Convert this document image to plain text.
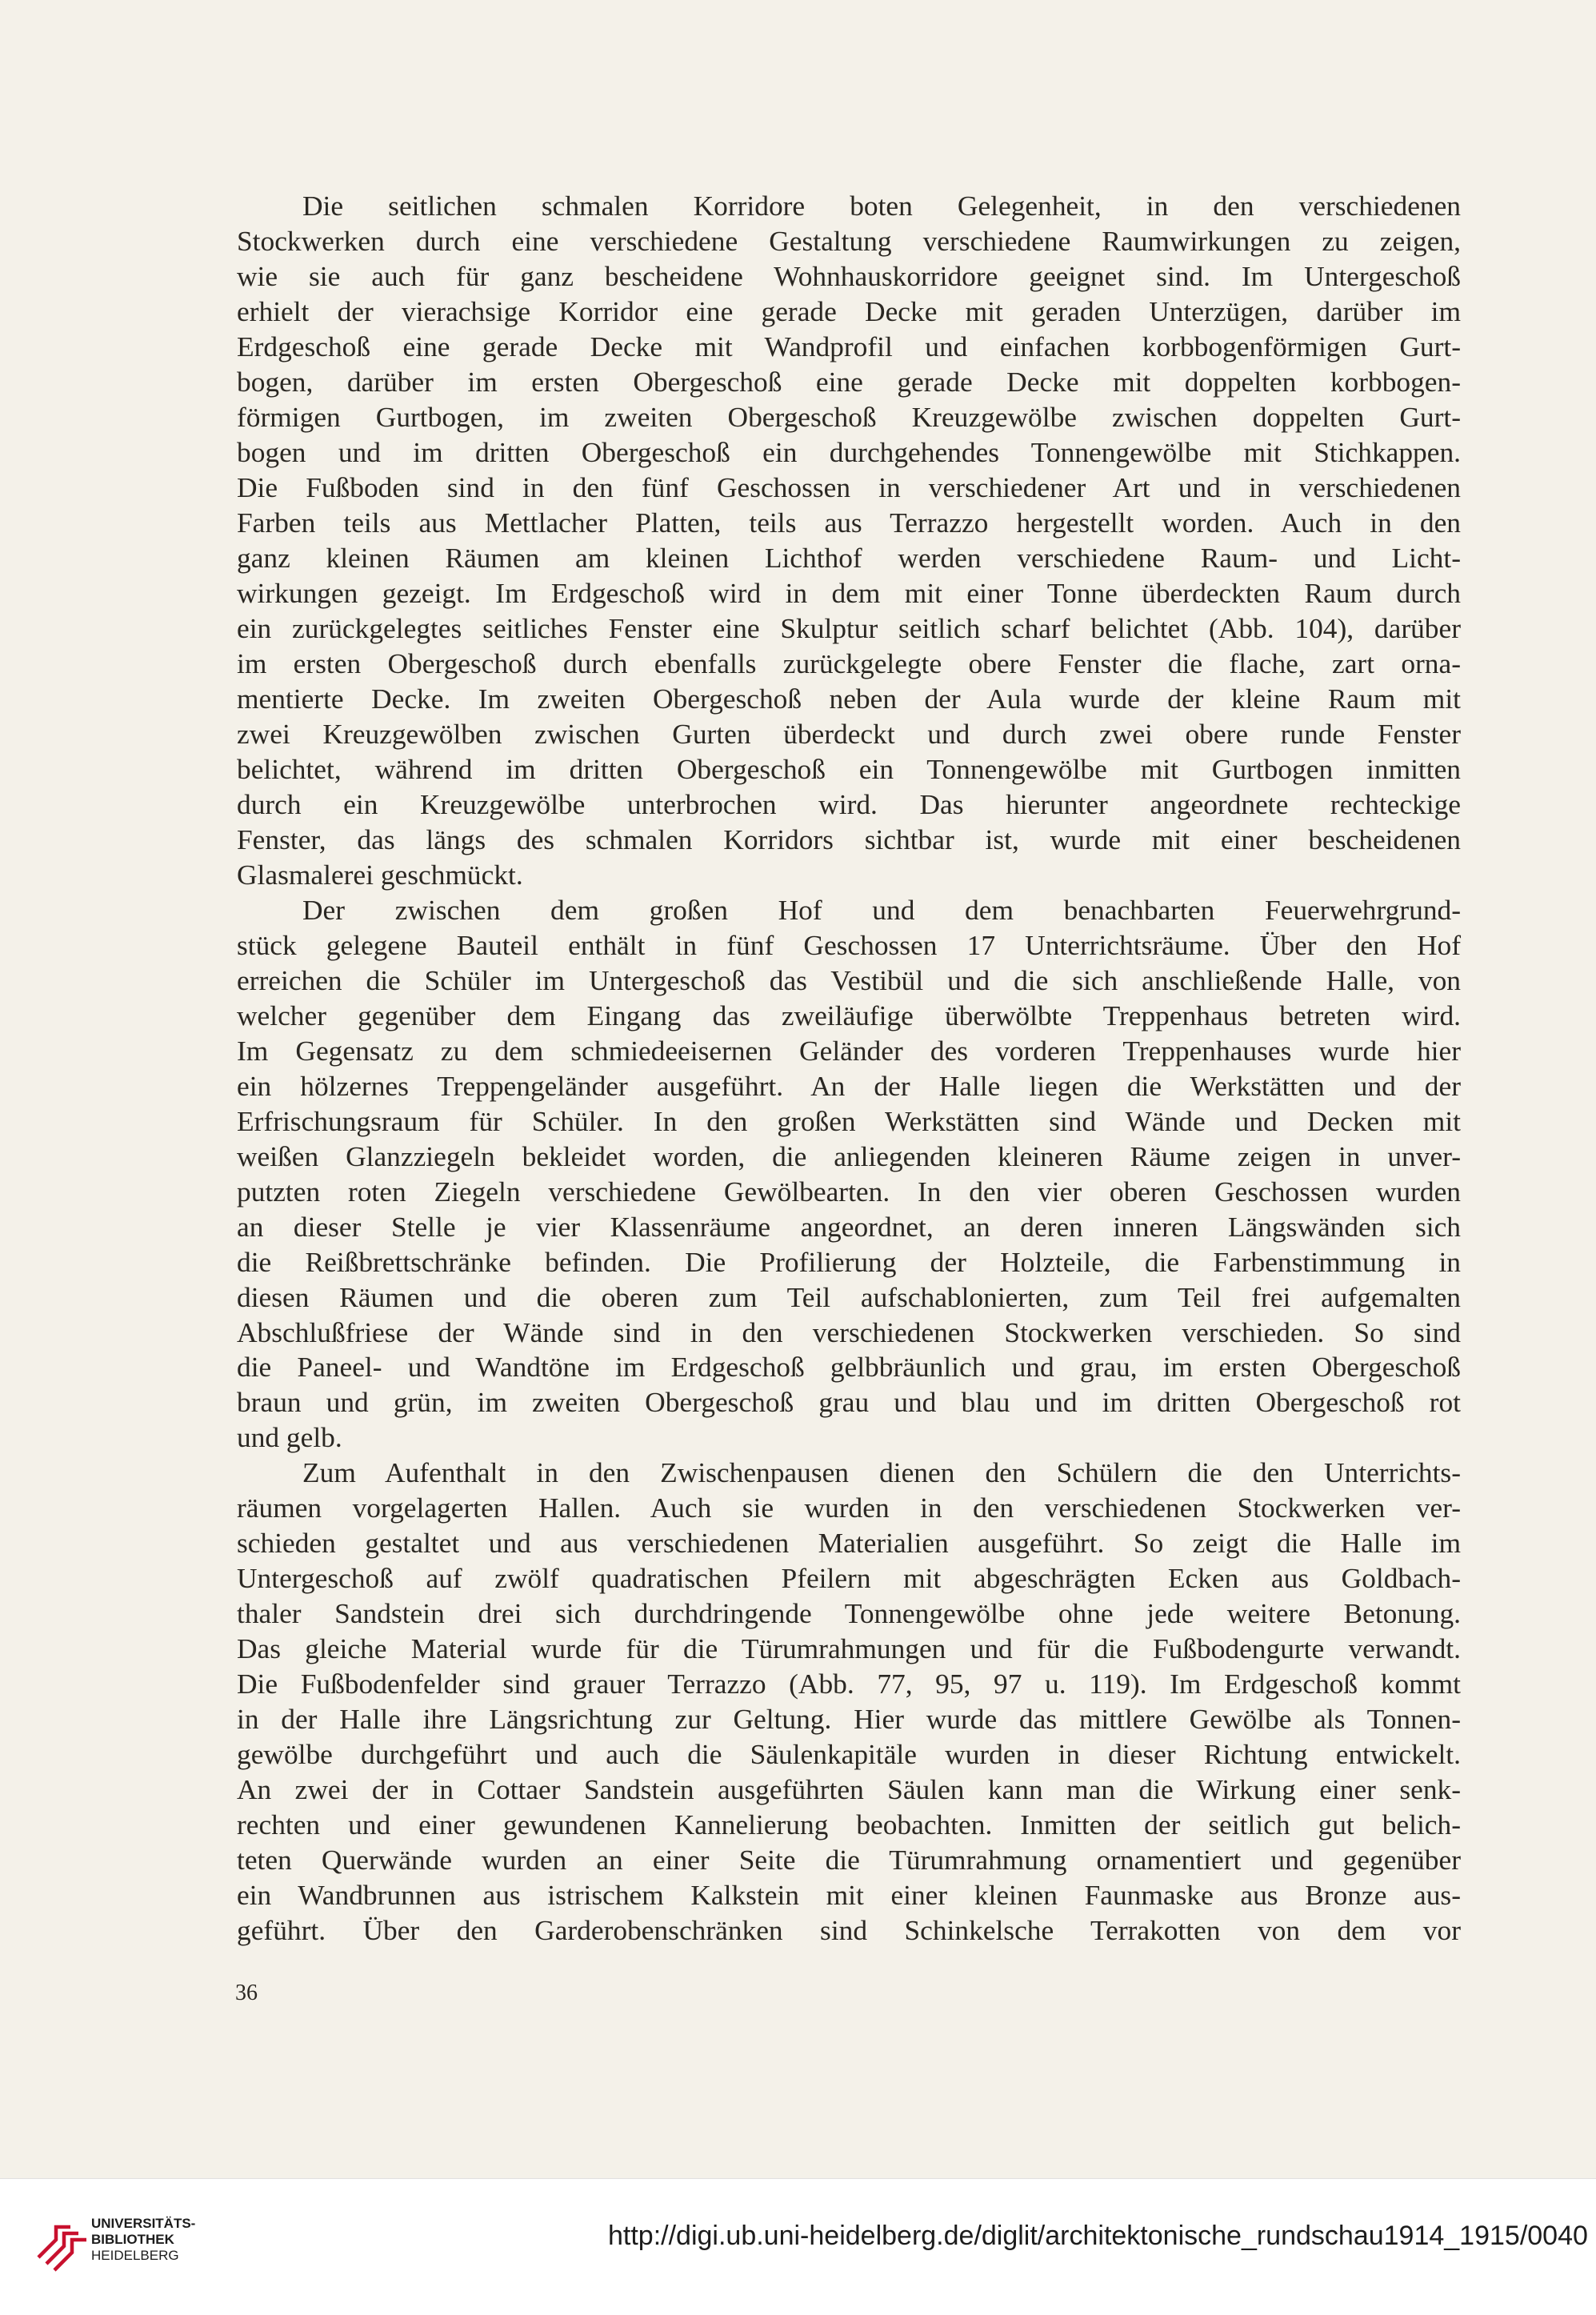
Die seitlichen schmalen Korridore boten Gelegenheit, in den verschiedenen
Stockwerken durch eine verschiedene Gestaltung verschiedene Raumwirkungen zu zeigen,
wie sie auch für ganz bescheidene Wohnhauskorridore geeignet sind. Im Untergeschoß
erhielt der vierachsige Korridor eine gerade Decke mit geraden Unterzügen, darüber im
Erdgeschoß eine gerade Decke mit Wandprofil und einfachen korbbogenförmigen Gurt-
bogen, darüber im ersten Obergeschoß eine gerade Decke mit doppelten korbbogen-
förmigen Gurtbogen, im zweiten Obergeschoß Kreuzgewölbe zwischen doppelten Gurt-
bogen und im dritten Obergeschoß ein durchgehendes Tonnengewölbe mit Stichkappen.
Die Fußboden sind in den fünf Geschossen in verschiedener Art und in verschiedenen
Farben teils aus Mettlacher Platten, teils aus Terrazzo hergestellt worden. Auch in den
ganz kleinen Räumen am kleinen Lichthof werden verschiedene Raum- und Licht-
wirkungen gezeigt. Im Erdgeschoß wird in dem mit einer Tonne überdeckten Raum durch
ein zurückgelegtes seitliches Fenster eine Skulptur seitlich scharf belichtet (Abb. 104), darüber
im ersten Obergeschoß durch ebenfalls zurückgelegte obere Fenster die flache, zart orna-
mentierte Decke. Im zweiten Obergeschoß neben der Aula wurde der kleine Raum mit
zwei Kreuzgewölben zwischen Gurten überdeckt und durch zwei obere runde Fenster
belichtet, während im dritten Obergeschoß ein Tonnengewölbe mit Gurtbogen inmitten
durch ein Kreuzgewölbe unterbrochen wird. Das hierunter angeordnete rechteckige
Fenster, das längs des schmalen Korridors sichtbar ist, wurde mit einer bescheidenen
Glasmalerei geschmückt.
Der zwischen dem großen Hof und dem benachbarten Feuerwehrgrund-
stück gelegene Bauteil enthält in fünf Geschossen 17 Unterrichtsräume. Über den Hof
erreichen die Schüler im Untergeschoß das Vestibül und die sich anschließende Halle, von
welcher gegenüber dem Eingang das zweiläufige überwölbte Treppenhaus betreten wird.
Im Gegensatz zu dem schmiedeeisernen Geländer des vorderen Treppenhauses wurde hier
ein hölzernes Treppengeländer ausgeführt. An der Halle liegen die Werkstätten und der
Erfrischungsraum für Schüler. In den großen Werkstätten sind Wände und Decken mit
weißen Glanzziegeln bekleidet worden, die anliegenden kleineren Räume zeigen in unver-
putzten roten Ziegeln verschiedene Gewölbearten. In den vier oberen Geschossen wurden
an dieser Stelle je vier Klassenräume angeordnet, an deren inneren Längswänden sich
die Reißbrettschränke befinden. Die Profilierung der Holzteile, die Farbenstimmung in
diesen Räumen und die oberen zum Teil aufschablonierten, zum Teil frei aufgemalten
Abschlußfriese der Wände sind in den verschiedenen Stockwerken verschieden. So sind
die Paneel- und Wandtöne im Erdgeschoß gelbbräunlich und grau, im ersten Obergeschoß
braun und grün, im zweiten Obergeschoß grau und blau und im dritten Obergeschoß rot
und gelb.
Zum Aufenthalt in den Zwischenpausen dienen den Schülern die den Unterrichts-
räumen vorgelagerten Hallen. Auch sie wurden in den verschiedenen Stockwerken ver-
schieden gestaltet und aus verschiedenen Materialien ausgeführt. So zeigt die Halle im
Untergeschoß auf zwölf quadratischen Pfeilern mit abgeschrägten Ecken aus Goldbach-
thaler Sandstein drei sich durchdringende Tonnengewölbe ohne jede weitere Betonung.
Das gleiche Material wurde für die Türumrahmungen und für die Fußbodengurte verwandt.
Die Fußbodenfelder sind grauer Terrazzo (Abb. 77, 95, 97 u. 119). Im Erdgeschoß kommt
in der Halle ihre Längsrichtung zur Geltung. Hier wurde das mittlere Gewölbe als Tonnen-
gewölbe durchgeführt und auch die Säulenkapitäle wurden in dieser Richtung entwickelt.
An zwei der in Cottaer Sandstein ausgeführten Säulen kann man die Wirkung einer senk-
rechten und einer gewundenen Kannelierung beobachten. Inmitten der seitlich gut belich-
teten Querwände wurden an einer Seite die Türumrahmung ornamentiert und gegenüber
ein Wandbrunnen aus istrischem Kalkstein mit einer kleinen Faunmaske aus Bronze aus-
geführt. Über den Garderobenschränken sind Schinkelsche Terrakotten von dem vor
36
UNIVERSITÄTS-
BIBLIOTHEK
HEIDELBERG
http://digi.ub.uni-heidelberg.de/diglit/architektonische_rundschau1914_1915/0040
